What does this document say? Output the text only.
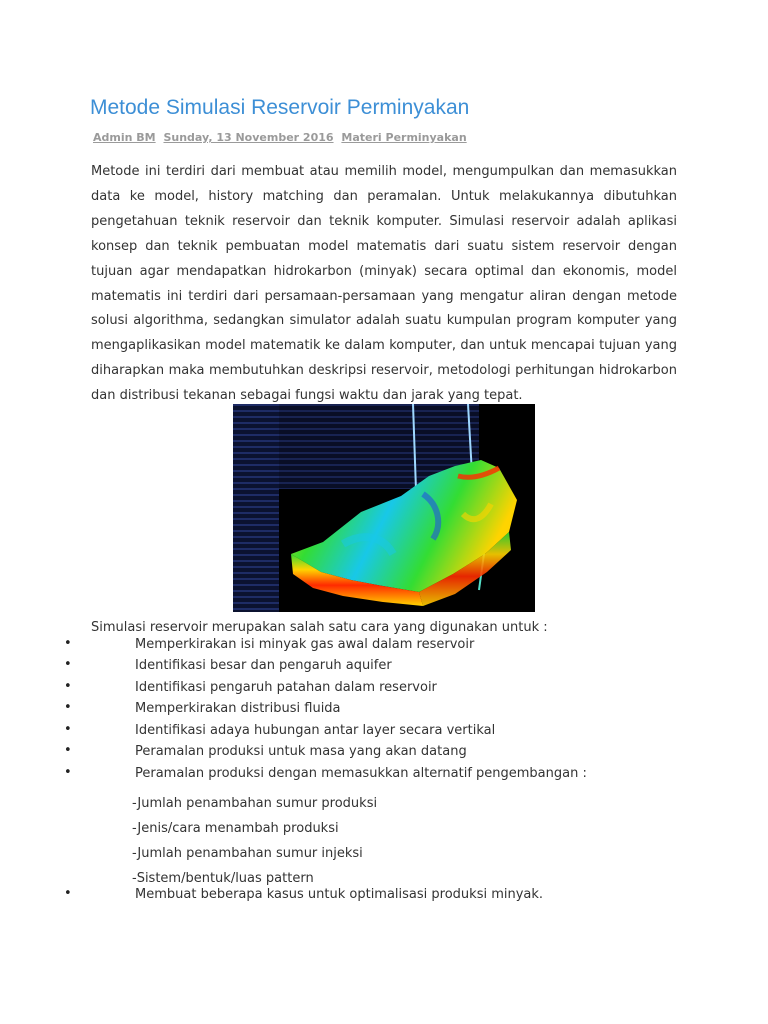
Metode Simulasi Reservoir Perminyakan
Admin BM Sunday, 13 November 2016 Materi Perminyakan

Metode ini terdiri dari membuat atau memilih model, mengumpulkan dan memasukkan data ke model, history matching dan peramalan. Untuk melakukannya dibutuhkan pengetahuan teknik reservoir dan teknik komputer. Simulasi reservoir adalah aplikasi konsep dan teknik pembuatan model matematis dari suatu sistem reservoir dengan tujuan agar mendapatkan hidrokarbon (minyak) secara optimal dan ekonomis, model matematis ini terdiri dari persamaan-persamaan yang mengatur aliran dengan metode solusi algorithma, sedangkan simulator adalah suatu kumpulan program komputer yang mengaplikasikan model matematik ke dalam komputer, dan untuk mencapai tujuan yang diharapkan maka membutuhkan deskripsi reservoir, metodologi perhitungan hidrokarbon dan distribusi tekanan sebagai fungsi waktu dan jarak yang tepat.

Simulasi reservoir merupakan salah satu cara yang digunakan untuk :
•	Memperkirakan isi minyak gas awal dalam reservoir
•	Identifikasi besar dan pengaruh aquifer
•	Identifikasi pengaruh patahan dalam reservoir
•	Memperkirakan distribusi fluida
•	Identifikasi adaya hubungan antar layer secara vertikal
•	Peramalan produksi untuk masa yang akan datang
•	Peramalan produksi dengan memasukkan alternatif pengembangan :
•	Membuat beberapa kasus untuk optimalisasi produksi minyak.
-Jumlah penambahan sumur produksi
-Jenis/cara menambah produksi
-Jumlah penambahan sumur injeksi
-Sistem/bentuk/luas pattern
